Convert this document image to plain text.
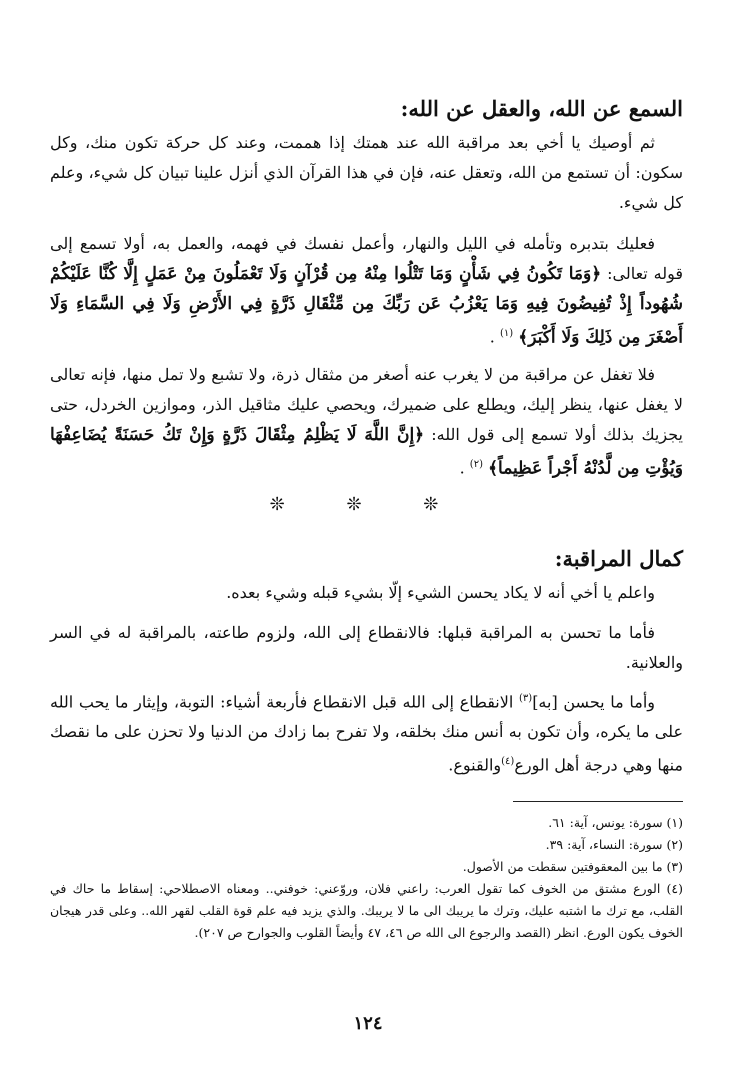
السمع عن الله، والعقل عن الله:

ثم أوصيك يا أخي بعد مراقبة الله عند همتك إذا هممت، وعند كل حركة تكون منك، وكل سكون: أن تستمع من الله، وتعقل عنه، فإن في هذا القرآن الذي أنزل علينا تبيان كل شيء، وعلم كل شيء.

فعليك بتدبره وتأمله في الليل والنهار، وأعمل نفسك في فهمه، والعمل به، أولا تسمع إلى قوله تعالى: ﴿وَمَا تَكُونُ فِي شَأْنٍ وَمَا تَتْلُوا مِنْهُ مِن قُرْآنٍ وَلَا تَعْمَلُونَ مِنْ عَمَلٍ إِلَّا كُنَّا عَلَيْكُمْ شُهُوداً إِذْ تُفِيضُونَ فِيهِ وَمَا يَعْزُبُ عَن رَبِّكَ مِن مِّثْقَالِ ذَرَّةٍ فِي الأَرْضِ وَلَا فِي السَّمَاءِ وَلَا أَصْغَرَ مِن ذَلِكَ وَلَا أَكْبَرَ﴾ $^{(١)}$ .

فلا تغفل عن مراقبة من لا يغرب عنه أصغر من مثقال ذرة، ولا تشبع ولا تمل منها، فإنه تعالى لا يغفل عنها، ينظر إليك، ويطلع على ضميرك، ويحصي عليك مثاقيل الذر، وموازين الخردل، حتى يجزيك بذلك أولا تسمع إلى قول الله: ﴿إِنَّ اللَّهَ لَا يَظْلِمُ مِثْقَالَ ذَرَّةٍ وَإِنْ تَكُ حَسَنَةً يُضَاعِفْهَا وَيُؤْتِ مِن لَّدُنْهُ أَجْراً عَظِيماً﴾ $^{(٢)}$ .

❊ ❊ ❊
كمال المراقبة:

واعلم يا أخي أنه لا يكاد يحسن الشيء إلّا بشيء قبله وشيء بعده.

فأما ما تحسن به المراقبة قبلها: فالانقطاع إلى الله، ولزوم طاعته، بالمراقبة له في السر والعلانية.

وأما ما يحسن [به]$^{(٣)}$ الانقطاع إلى الله قبل الانقطاع فأربعة أشياء: التوبة، وإيثار ما يحب الله على ما يكره، وأن تكون به أنس منك بخلقه، ولا تفرح بما زادك من الدنيا ولا تحزن على ما نقصك منها وهي درجة أهل الورع$^{(٤)}$والقنوع.

(١) سورة: يونس، آية: ٦١.

(٢) سورة: النساء، آية: ٣٩.

(٣) ما بين المعقوفتين سقطت من الأصول.

(٤) الورع مشتق من الخوف كما تقول العرب: راعني فلان، وروّعني: خوفني.. ومعناه الاصطلاحي: إسقاط ما حاك في القلب، مع ترك ما اشتبه عليك، وترك ما يريبك الى ما لا يريبك. والذي يزيد فيه علم قوة القلب لقهر الله.. وعلى قدر هيجان الخوف يكون الورع. انظر (القصد والرجوع الى الله ص ٤٦، ٤٧ وأيضاً القلوب والجوارح ص ٢٠٧).

١٢٤
